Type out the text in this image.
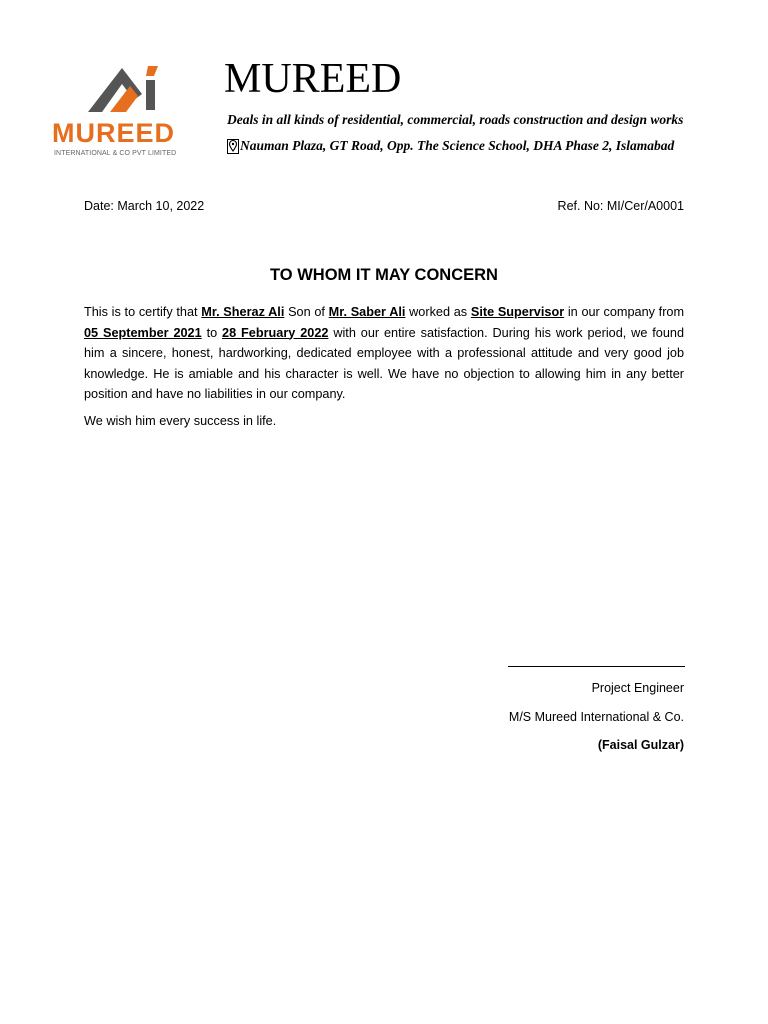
MUREED
INTERNATIONAL & CO PVT LIMITED
MUREED
Deals in all kinds of residential, commercial, roads construction and design works
Nauman Plaza, GT Road, Opp. The Science School, DHA Phase 2, Islamabad
Date: March 10, 2022	Ref. No: MI/Cer/A0001
TO WHOM IT MAY CONCERN
This is to certify that Mr. Sheraz Ali Son of Mr. Saber Ali worked as Site Supervisor in our company from 05 September 2021 to 28 February 2022 with our entire satisfaction. During his work period, we found him a sincere, honest, hardworking, dedicated employee with a professional attitude and very good job knowledge. He is amiable and his character is well. We have no objection to allowing him in any better position and have no liabilities in our company.
We wish him every success in life.
Project Engineer
M/S Mureed International & Co.
(Faisal Gulzar)
